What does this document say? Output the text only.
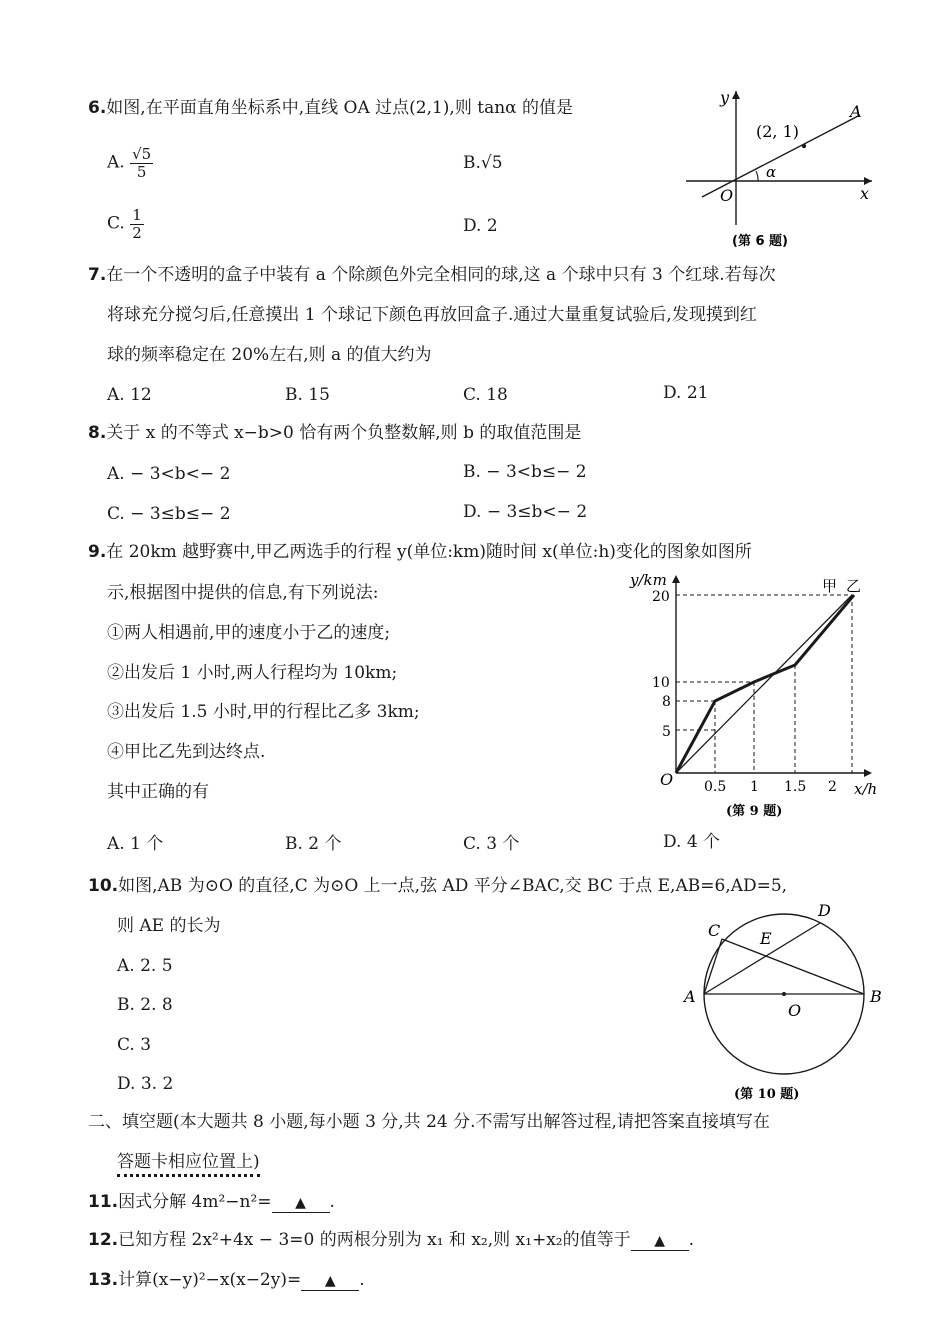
6.如图,在平面直角坐标系中,直线 OA 过点(2,1),则 tanα 的值是
A. $\frac{√5}{5}$	B.√5
C. $\frac{1}{2}$	D. 2
y
x
O
A
(2, 1)
α
(第 6 题)
7.在一个不透明的盒子中装有 a 个除颜色外完全相同的球,这 a 个球中只有 3 个红球.若每次
将球充分搅匀后,任意摸出 1 个球记下颜色再放回盒子.通过大量重复试验后,发现摸到红
球的频率稳定在 20%左右,则 a 的值大约为
A. 12	B. 15	C. 18	D. 21
8.关于 x 的不等式 x−b>0 恰有两个负整数解,则 b 的取值范围是
A. − 3<b<− 2	B. − 3<b≤− 2
C. − 3≤b≤− 2	D. − 3≤b<− 2
9.在 20km 越野赛中,甲乙两选手的行程 y(单位:km)随时间 x(单位:h)变化的图象如图所
示,根据图中提供的信息,有下列说法:
①两人相遇前,甲的速度小于乙的速度;
②出发后 1 小时,两人行程均为 10km;
③出发后 1.5 小时,甲的行程比乙多 3km;
④甲比乙先到达终点.
其中正确的有
A. 1 个	B. 2 个	C. 3 个	D. 4 个
y/km
x/h
O
20
10
8
5
0.5 1 1.5 2
甲 乙
(第 9 题)
10.如图,AB 为⊙O 的直径,C 为⊙O 上一点,弦 AD 平分∠BAC,交 BC 于点 E,AB=6,AD=5,
则 AE 的长为
A. 2. 5
B. 2. 8
C. 3
D. 3. 2
A	B
C
D
E
O
(第 10 题)
二、填空题(本大题共 8 小题,每小题 3 分,共 24 分.不需写出解答过程,请把答案直接填写在
答题卡相应位置上)
11.因式分解 4m²−n²= ▲ .
12.已知方程 2x²+4x − 3=0 的两根分别为 x₁ 和 x₂,则 x₁+x₂的值等于 ▲ .
13.计算(x−y)²−x(x−2y)= ▲ .
